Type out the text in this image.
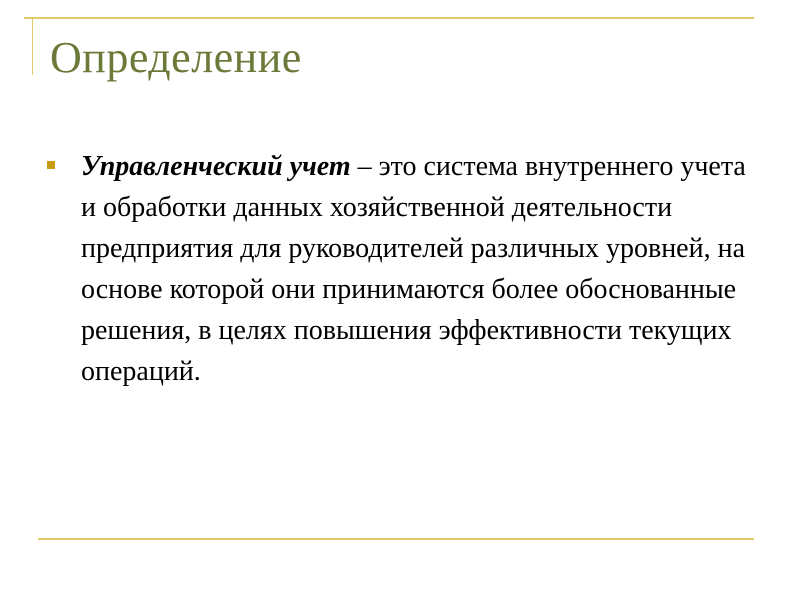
Определение

Управленческий учет – это система внутреннего учета и обработки данных хозяйственной деятельности предприятия для руководителей различных уровней, на основе которой они принимаются более обоснованные решения, в целях повышения эффективности текущих операций.
